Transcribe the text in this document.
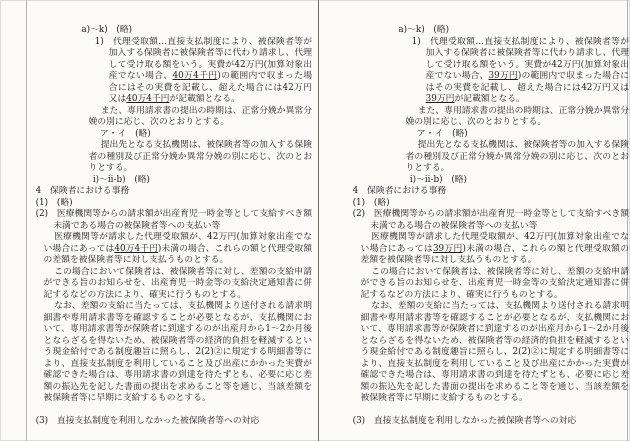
a)〜k)　(略)

1)　代理受取額…直接支払制度により、被保険者等が加入する保険者に被保険者等に代わり請求し、代理して受け取る額をいう。実費が42万円(加算対象出産でない場合、40万4千円)の範囲内で収まった場合にはその実費を記載し、超えた場合には42万円又は40万4千円が記載額となる。

また、専用請求書の提出の時期は、正常分娩か異常分娩の別に応じ、次のとおりとする。

ア・イ　(略)

提出先となる支払機関は、被保険者等の加入する保険者の種別及び正常分娩か異常分娩の別に応じ、次のとおりとする。

i)〜ii-b)　(略)

4　保険者における事務

(1)　(略)

(2)　医療機関等からの請求額が出産育児一時金等として支給すべき額未満である場合の被保険者等への支払い等

医療機関等が請求した代理受取額が、42万円(加算対象出産でない場合にあっては40万4千円)未満の場合、これらの額と代理受取額の差額を被保険者等に対し支払うものとする。

この場合において保険者は、被保険者等に対し、差額の支給申請ができる旨のお知らせを、出産育児一時金等の支給決定通知書に併記するなどの方法により、確実に行うものとする。

なお、差額の支給に当たっては、支払機関より送付される請求明細書や専用請求書等を確認することが必要となるが、支払機関において、専用請求書等が保険者に到達するのが出産月から1〜2か月後とならざるを得ないため、被保険者等の経済的負担を軽減するという現金給付である制度趣旨に照らし、2(2)②に規定する明細書等により、直接支払制度を利用していること及び出産にかかった実費が確認できた場合は、専用請求書の到達を待たずとも、必要に応じ差額の振込先を記した書面の提出を求めること等を通じ、当該差額を被保険者等に早期に支給するものとする。

(3)　直接支払制度を利用しなかった被保険者等への対応

a)〜k)　(略)

1)　代理受取額…直接支払制度により、被保険者等が加入する保険者に被保険者等に代わり請求し、代理して受け取る額をいう。実費が42万円(加算対象出産でない場合、39万円)の範囲内で収まった場合にはその実費を記載し、超えた場合には42万円又は39万円が記載額となる。

また、専用請求書の提出の時期は、正常分娩か異常分娩の別に応じ、次のとおりとする。

ア・イ　(略)

提出先となる支払機関は、被保険者等の加入する保険者の種別及び正常分娩か異常分娩の別に応じ、次のとおりとする。

i)〜ii-b)　(略)

4　保険者における事務

(1)　(略)

(2)　医療機関等からの請求額が出産育児一時金等として支給すべき額未満である場合の被保険者等への支払い等

医療機関等が請求した代理受取額が、42万円(加算対象出産でない場合にあっては39万円)未満の場合、これらの額と代理受取額の差額を被保険者等に対し支払うものとする。

この場合において保険者は、被保険者等に対し、差額の支給申請ができる旨のお知らせを、出産育児一時金等の支給決定通知書に併記するなどの方法により、確実に行うものとする。

なお、差額の支給に当たっては、支払機関より送付される請求明細書や専用請求書等を確認することが必要となるが、支払機関において、専用請求書等が保険者に到達するのが出産月から1〜2か月後とならざるを得ないため、被保険者等の経済的負担を軽減するという現金給付である制度趣旨に照らし、2(2)②に規定する明細書等により、直接支払制度を利用していること及び出産にかかった実費が確認できた場合は、専用請求書の到達を待たずとも、必要に応じ差額の振込先を記した書面の提出を求めること等を通じ、当該差額を被保険者等に早期に支給するものとする。

(3)　直接支払制度を利用しなかった被保険者等への対応
